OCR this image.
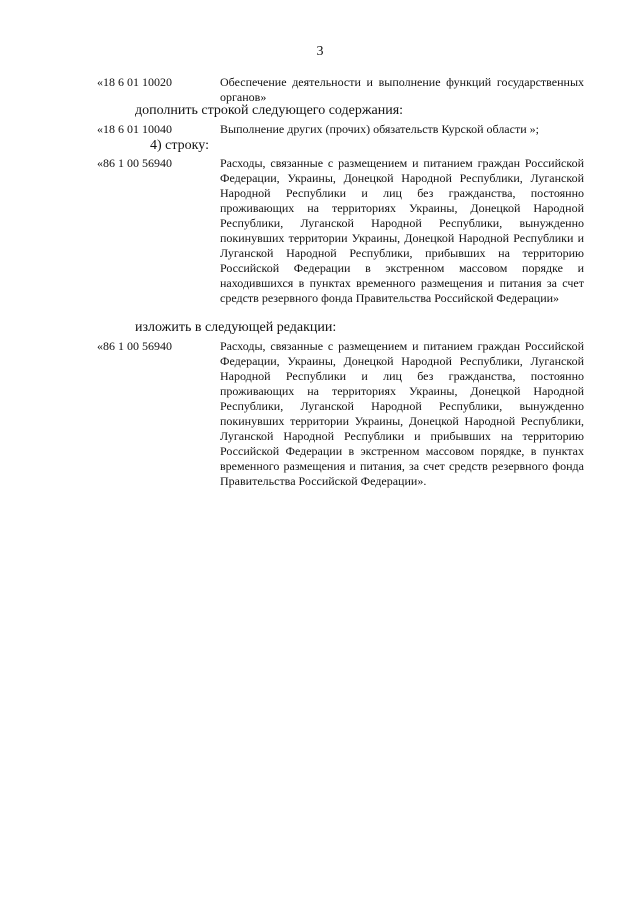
3
«18 6 01 10020	Обеспечение деятельности и выполнение функций государственных органов»
дополнить строкой следующего содержания:
«18 6 01 10040	Выполнение других (прочих) обязательств Курской области »;
4) строку:
«86 1 00 56940	Расходы, связанные с размещением и питанием граждан Российской Федерации, Украины, Донецкой Народной Республики, Луганской Народной Республики и лиц без гражданства, постоянно проживающих на территориях Украины, Донецкой Народной Республики, Луганской Народной Республики, вынужденно покинувших территории Украины, Донецкой Народной Республики и Луганской Народной Республики, прибывших на территорию Российской Федерации в экстренном массовом порядке и находившихся в пунктах временного размещения и питания за счет средств резервного фонда Правительства Российской Федерации»
изложить в следующей редакции:
«86 1 00 56940	Расходы, связанные с размещением и питанием граждан Российской Федерации, Украины, Донецкой Народной Республики, Луганской Народной Республики и лиц без гражданства, постоянно проживающих на территориях Украины, Донецкой Народной Республики, Луганской Народной Республики, вынужденно покинувших территории Украины, Донецкой Народной Республики, Луганской Народной Республики и прибывших на территорию Российской Федерации в экстренном массовом порядке, в пунктах временного размещения и питания, за счет средств резервного фонда Правительства Российской Федерации».
